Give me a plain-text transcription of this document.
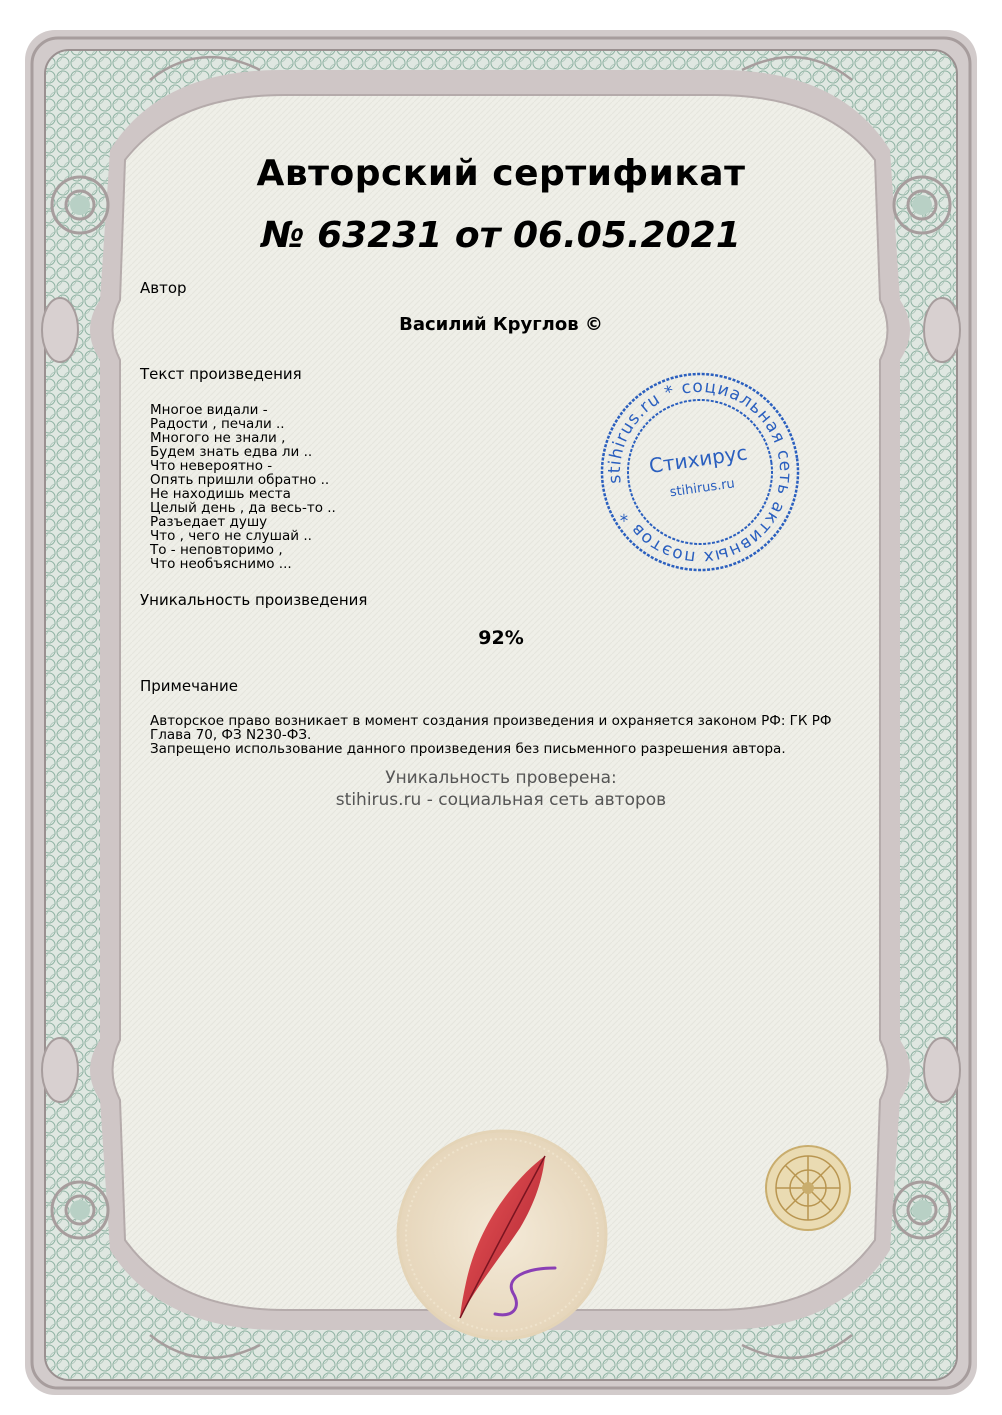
Авторский сертификат
№ 63231 от 06.05.2021
Автор
Василий Круглов ©
Текст произведения
Многое видали -
Радости , печали ..
Многого не знали ,
Будем знать едва ли ..
Что невероятно -
Опять пришли обратно ..
Не находишь места
Целый день , да весь-то ..
Разъедает душу
Что , чего не слушай ..
То - неповторимо ,
Что необъяснимо ...
Уникальность произведения
92%
Примечание
Авторское право возникает в момент создания произведения и охраняется законом РФ: ГК РФ Глава 70, ФЗ N230-ФЗ.
Запрещено использование данного произведения без письменного разрешения автора.
Уникальность проверена:
stihirus.ru - социальная сеть авторов
stihirus.ru * социальная сеть активных поэтов *
Стихирус
stihirus.ru
